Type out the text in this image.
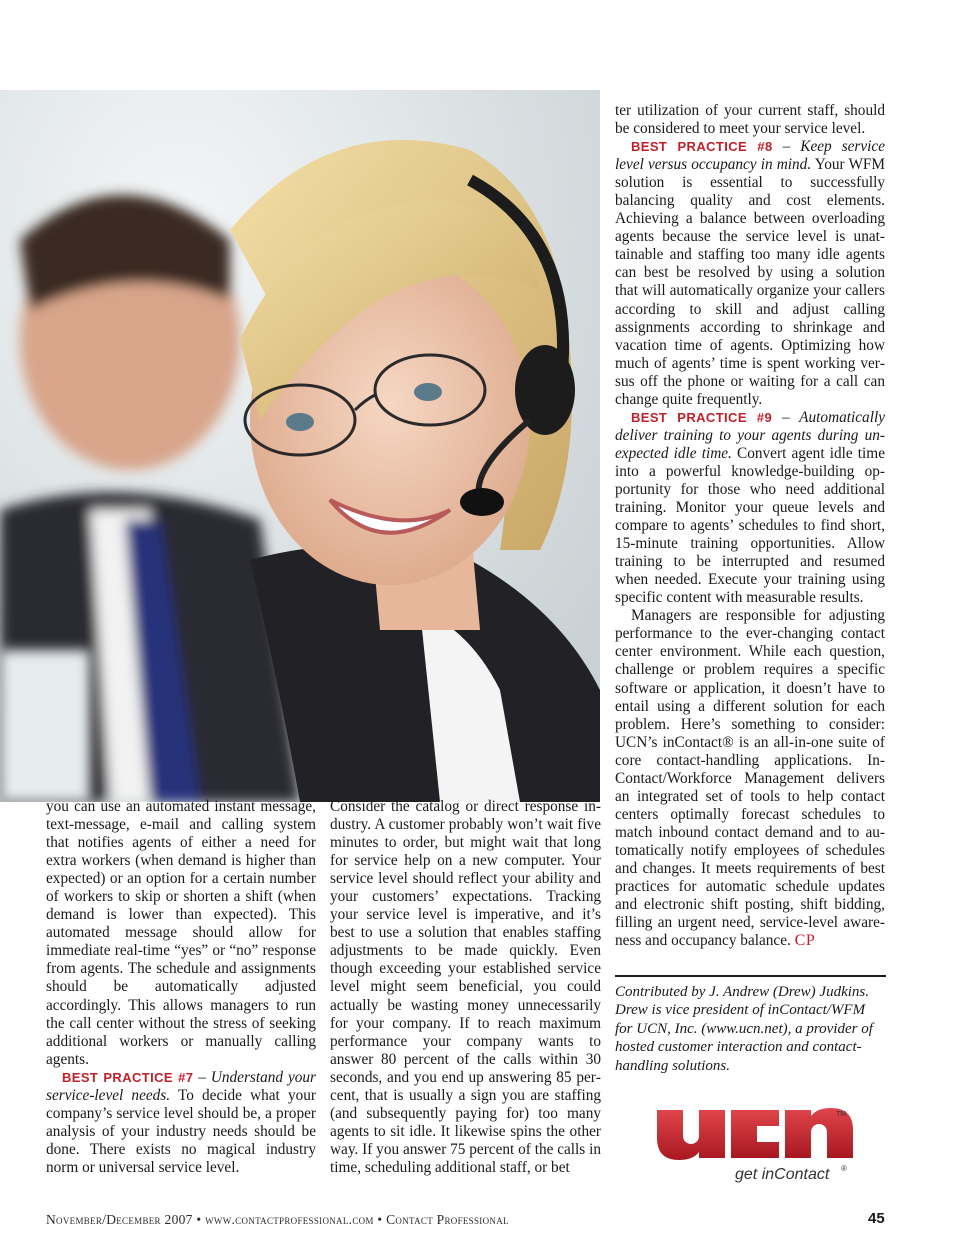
you can use an automated instant message, text-message, e-mail and calling system that notifies agents of either a need for extra workers (when demand is higher than expected) or an option for a certain number of workers to skip or shorten a shift (when demand is lower than expected). This automated message should allow for immediate real-time “yes” or “no” response from agents. The schedule and assignments should be automatically adjusted accordingly. This allows managers to run the call center without the stress of seeking additional workers or manually calling agents.

BEST PRACTICE #7 – Understand your service-level needs. To decide what your company’s service level should be, a proper analysis of your industry needs should be done. There exists no magical industry norm or universal service level.

Consider the catalog or direct response industry. A customer probably won’t wait five minutes to order, but might wait that long for service help on a new computer. Your service level should reflect your ability and your customers’ expectations. Tracking your service level is imperative, and it’s best to use a solution that enables staffing adjustments to be made quickly. Even though exceeding your established service level might seem beneficial, you could actually be wasting money unnecessarily for your company. If to reach maximum performance your company wants to answer 80 percent of the calls within 30 seconds, and you end up answering 85 percent, that is usually a sign you are staffing (and subsequently paying for) too many agents to sit idle. It likewise spins the other way. If you answer 75 percent of the calls in time, scheduling additional staff, or bet

ter utilization of your current staff, should be considered to meet your service level.

BEST PRACTICE #8 – Keep service level versus occupancy in mind. Your WFM solution is essential to successfully balancing quality and cost elements. Achieving a balance between overloading agents because the service level is unattainable and staffing too many idle agents can best be resolved by using a solution that will automatically organize your callers according to skill and adjust calling assignments according to shrinkage and vacation time of agents. Optimizing how much of agents’ time is spent working versus off the phone or waiting for a call can change quite frequently.

BEST PRACTICE #9 – Automatically deliver training to your agents during unexpected idle time. Convert agent idle time into a powerful knowledge-building opportunity for those who need additional training. Monitor your queue levels and compare to agents’ schedules to find short, 15-minute training opportunities. Allow training to be interrupted and resumed when needed. Execute your training using specific content with measurable results.

Managers are responsible for adjusting performance to the ever-changing contact center environment. While each question, challenge or problem requires a specific software or application, it doesn’t have to entail using a different solution for each problem. Here’s something to consider: UCN’s inContact® is an all-in-one suite of core contact-handling applications. InContact/Workforce Management delivers an integrated set of tools to help contact centers optimally forecast schedules to match inbound contact demand and to automatically notify employees of schedules and changes. It meets requirements of best practices for automatic schedule updates and electronic shift posting, shift bidding, filling an urgent need, service-level awareness and occupancy balance. CP

Contributed by J. Andrew (Drew) Judkins. Drew is vice president of inContact/WFM for UCN, Inc. (www.ucn.net), a provider of hosted customer interaction and contact-handling solutions.
TM
get inContact ®
November/December 2007 • www.contactprofessional.com • Contact Professional	45
